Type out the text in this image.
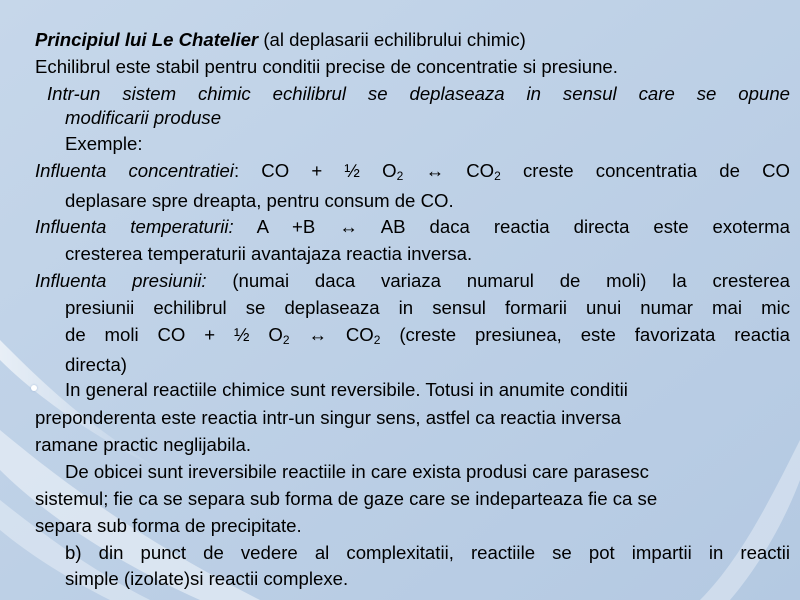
Principiul lui Le Chatelier (al deplasarii echilibrului chimic)

Echilibrul este stabil pentru conditii precise de concentratie si presiune.

Intr-un sistem chimic echilibrul se deplaseaza in sensul care se opune

modificarii produse

Exemple:

Influenta concentratiei: CO + ½ $O_2$ ↔ $CO_2$ creste concentratia de CO

deplasare spre dreapta, pentru consum de CO.

Influenta temperaturii: A +B ↔ AB daca reactia directa este exoterma

cresterea temperaturii avantajaza reactia inversa.

Influenta presiunii: (numai daca variaza numarul de moli) la cresterea

presiunii echilibrul se deplaseaza in sensul formarii unui numar mai mic

de moli CO + ½ $O_2$ ↔ $CO_2$ (creste presiunea, este favorizata reactia

directa)

In general reactiile chimice sunt reversibile. Totusi in anumite conditii

preponderenta este reactia intr-un singur sens, astfel ca reactia inversa

ramane practic neglijabila.

De obicei sunt ireversibile reactiile in care exista produsi care parasesc

sistemul; fie ca se separa sub forma de gaze care se indeparteaza fie ca se

separa sub forma de precipitate.

b) din punct de vedere al complexitatii, reactiile se pot impartii in reactii

simple (izolate)si reactii complexe.
